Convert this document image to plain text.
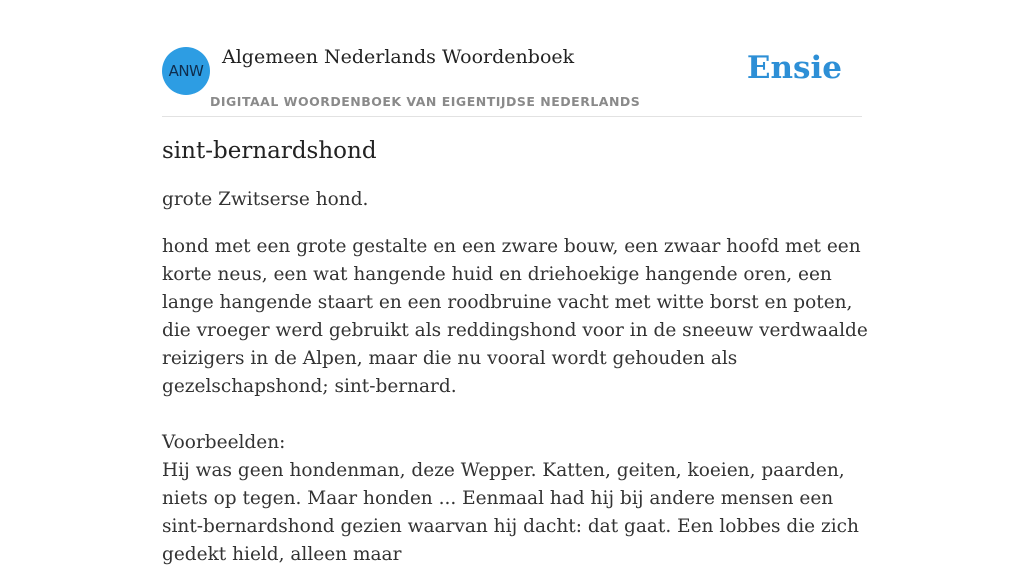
ANW
Algemeen Nederlands Woordenboek
DIGITAAL WOORDENBOEK VAN EIGENTIJDSE NEDERLANDS
Ensie
sint-bernardshond

grote Zwitserse hond.

hond met een grote gestalte en een zware bouw, een zwaar hoofd met een korte neus, een wat hangende huid en driehoekige hangende oren, een lange hangende staart en een roodbruine vacht met witte borst en poten, die vroeger werd gebruikt als reddingshond voor in de sneeuw verdwaalde reizigers in de Alpen, maar die nu vooral wordt gehouden als gezelschapshond; sint-bernard.

Voorbeelden:

Hij was geen hondenman, deze Wepper. Katten, geiten, koeien, paarden, niets op tegen. Maar honden ... Eenmaal had hij bij andere mensen een sint-bernardshond gezien waarvan hij dacht: dat gaat. Een lobbes die zich gedekt hield, alleen maar
